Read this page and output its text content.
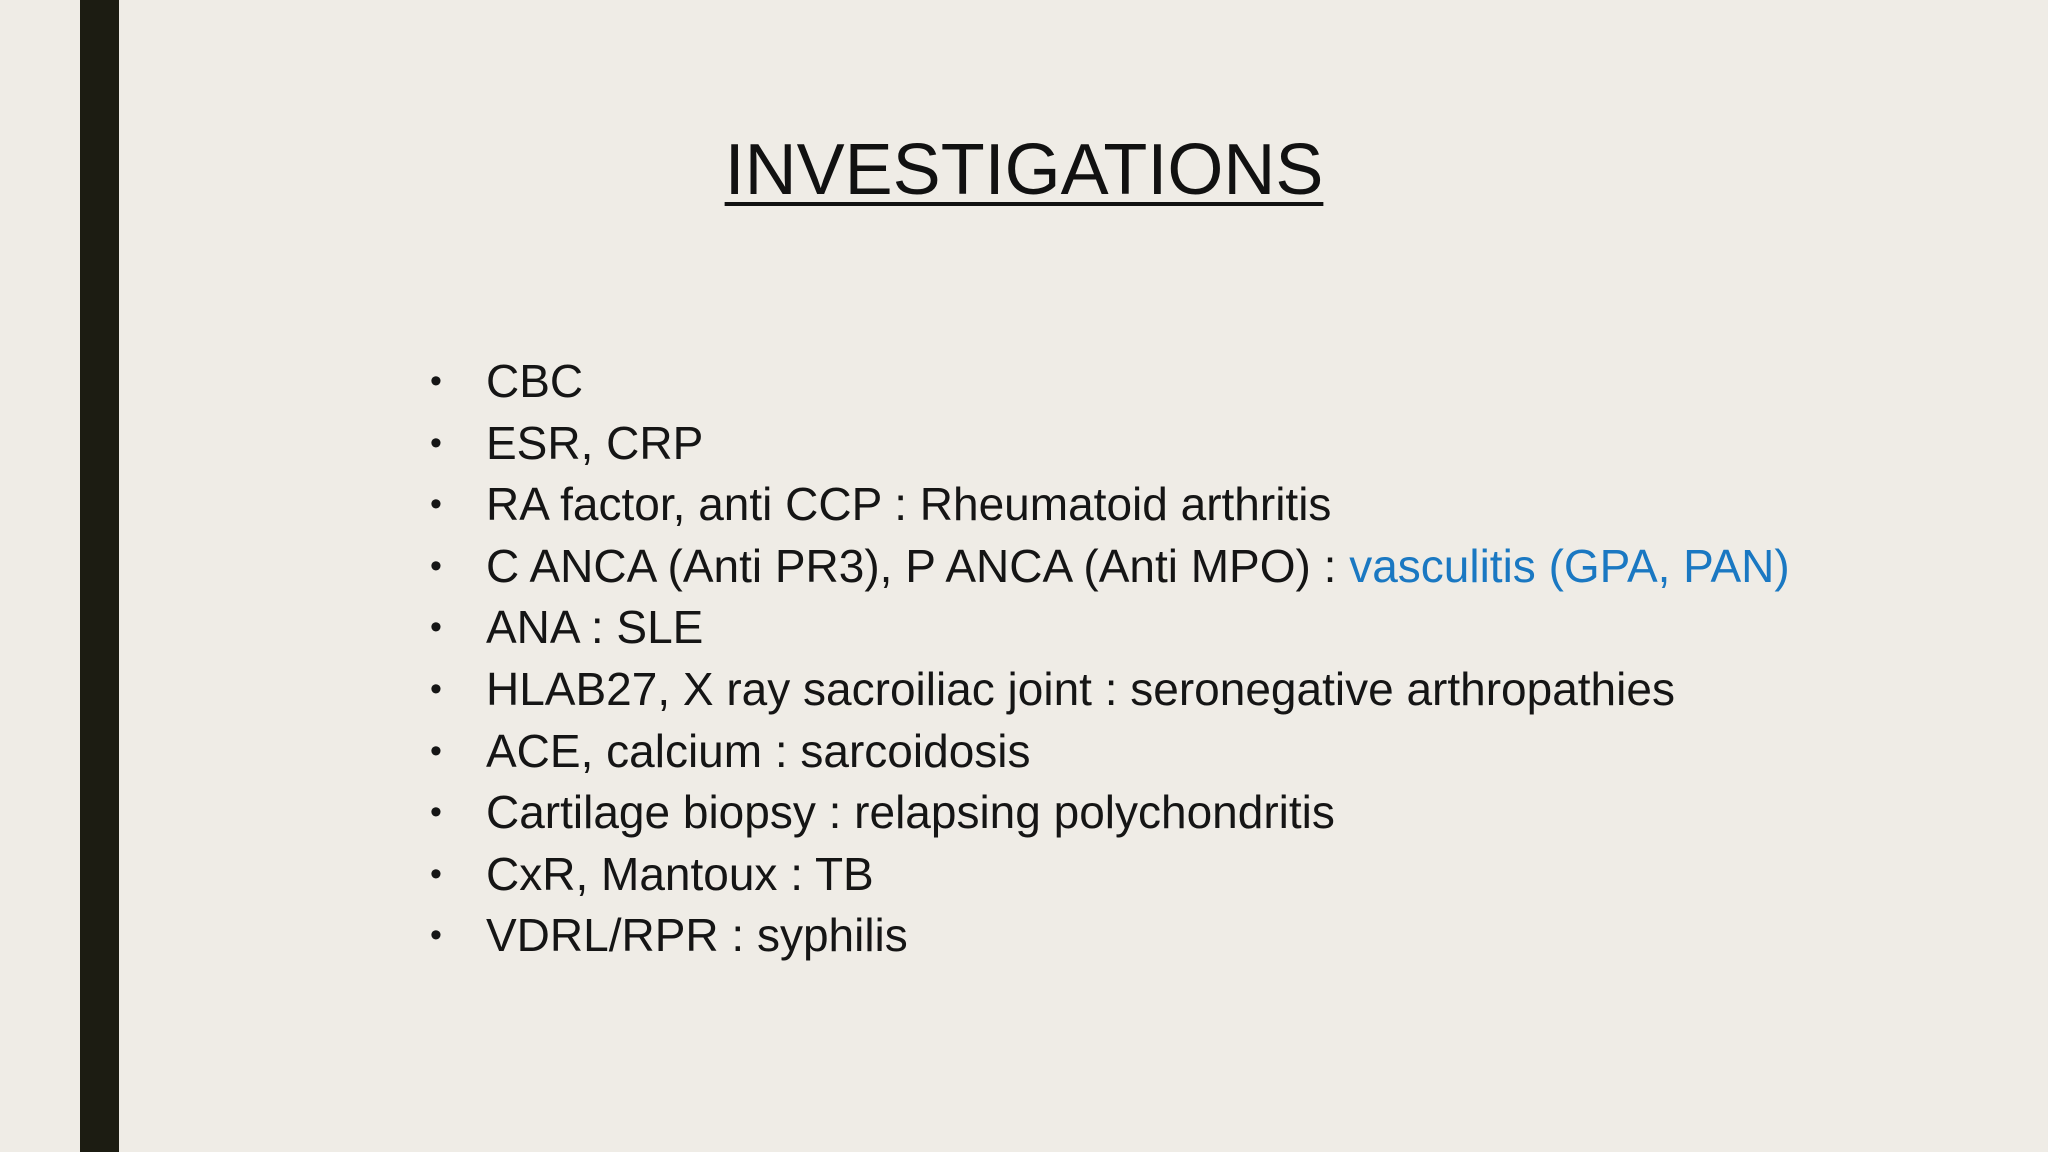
INVESTIGATIONS
• CBC
• ESR, CRP
• RA factor, anti CCP : Rheumatoid arthritis
• C ANCA (Anti PR3), P ANCA (Anti MPO) : vasculitis (GPA, PAN)
• ANA : SLE
• HLAB27, X ray sacroiliac joint : seronegative arthropathies
• ACE, calcium : sarcoidosis
• Cartilage biopsy : relapsing polychondritis
• CxR, Mantoux : TB
• VDRL/RPR : syphilis
